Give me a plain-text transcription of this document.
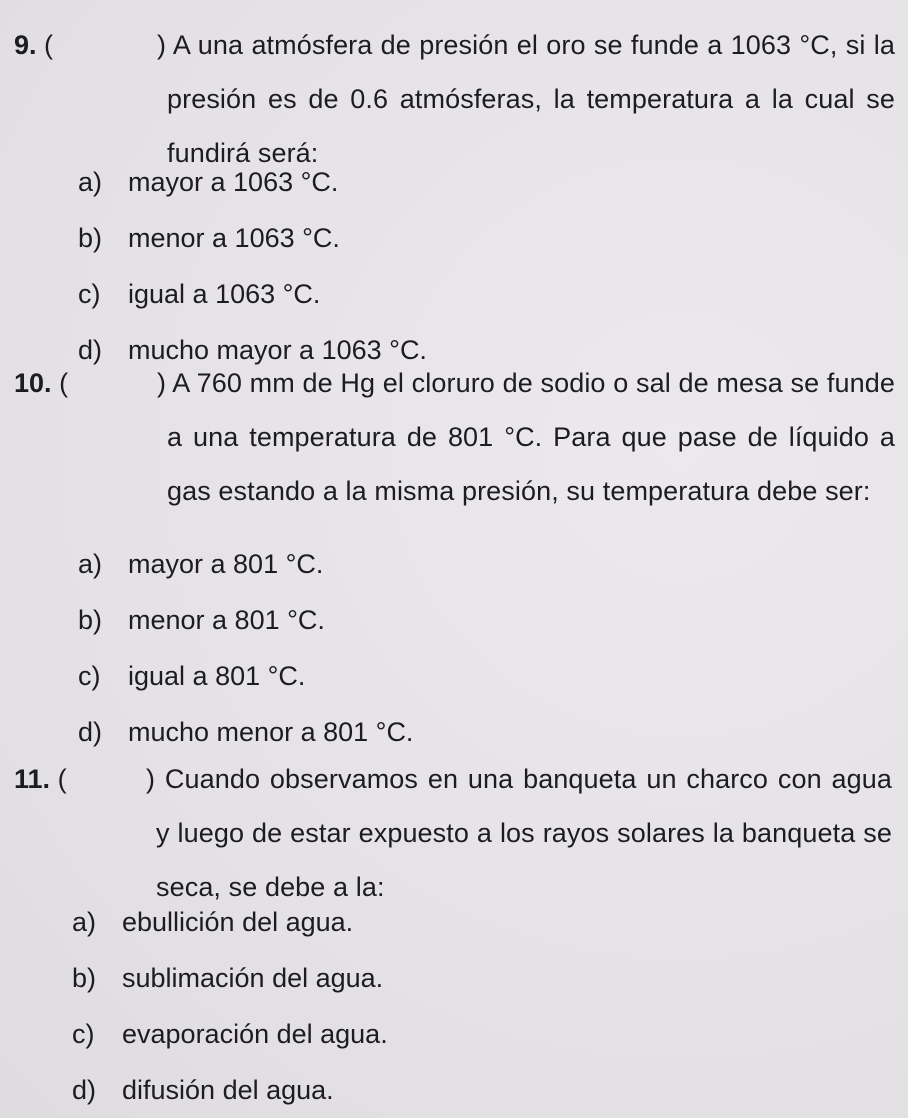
9. (	) A una atmósfera de presión el oro se funde a 1063 °C, si la presión es de 0.6 atmósferas, la temperatura a la cual se fundirá será:
a) mayor a 1063 °C.
b) menor a 1063 °C.
c) igual a 1063 °C.
d) mucho mayor a 1063 °C.
10. (	) A 760 mm de Hg el cloruro de sodio o sal de mesa se funde a una temperatura de 801 °C. Para que pase de líquido a gas estando a la misma presión, su temperatura debe ser:
a) mayor a 801 °C.
b) menor a 801 °C.
c) igual a 801 °C.
d) mucho menor a 801 °C.
11. (	) Cuando observamos en una banqueta un charco con agua y luego de estar expuesto a los rayos solares la banqueta se seca, se debe a la:
a) ebullición del agua.
b) sublimación del agua.
c) evaporación del agua.
d) difusión del agua.
